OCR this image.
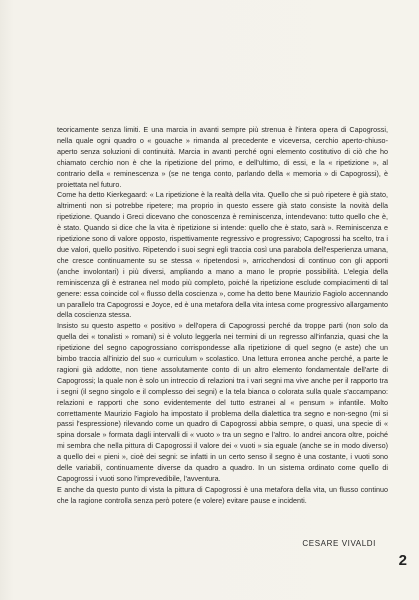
teoricamente senza limiti. E una marcia in avanti sempre più strenua è l'intera opera di Capogrossi, nella quale ogni quadro o « gouache » rimanda al precedente e viceversa, cerchio aperto-chiuso-aperto senza soluzioni di continuità. Marcia in avanti perché ogni elemento costitutivo di ciò che ho chiamato cerchio non è che la ripetizione del primo, e dell'ultimo, di essi, e la « ripetizione », al contrario della « reminescenza » (se ne tenga conto, parlando della « memoria » di Capogrossi), è proiettata nel futuro.

Come ha detto Kierkegaard: « La ripetizione è la realtà della vita. Quello che si può ripetere è già stato, altrimenti non si potrebbe ripetere; ma proprio in questo essere già stato consiste la novità della ripetizione. Quando i Greci dicevano che conoscenza è reminiscenza, intendevano: tutto quello che è, è stato. Quando si dice che la vita è ripetizione si intende: quello che è stato, sarà ». Reminiscenza e ripetizione sono di valore opposto, rispettivamente regressivo e progressivo; Capogrossi ha scelto, tra i due valori, quello positivo. Ripetendo i suoi segni egli traccia così una parabola dell'esperienza umana, che cresce continuamente su se stessa « ripetendosi », arricchendosi di continuo con gli apporti (anche involontari) i più diversi, ampliando a mano a mano le proprie possibilità. L'elegia della reminiscenza gli è estranea nel modo più completo, poiché la ripetizione esclude compiacimenti di tal genere: essa coincide col « flusso della coscienza », come ha detto bene Maurizio Fagiolo accennando un parallelo tra Capogrossi e Joyce, ed è una metafora della vita intesa come progressivo allargamento della coscienza stessa.

Insisto su questo aspetto « positivo » dell'opera di Capogrossi perché da troppe parti (non solo da quella dei « tonalisti » romani) si è voluto leggerla nei termini di un regresso all'infanzia, quasi che la ripetizione del segno capogrossiano corrispondesse alla ripetizione di quel segno (e aste) che un bimbo traccia all'inizio del suo « curriculum » scolastico. Una lettura erronea anche perché, a parte le ragioni già addotte, non tiene assolutamente conto di un altro elemento fondamentale dell'arte di Capogrossi; la quale non è solo un intreccio di relazioni tra i vari segni ma vive anche per il rapporto tra i segni (il segno singolo e il complesso dei segni) e la tela bianca o colorata sulla quale s'accampano: relazioni e rapporti che sono evidentemente del tutto estranei al « pensum » infantile. Molto correttamente Maurizio Fagiolo ha impostato il problema della dialettica tra segno e non-segno (mi si passi l'espressione) rilevando come un quadro di Capogrossi abbia sempre, o quasi, una specie di « spina dorsale » formata dagli intervalli di « vuoto » tra un segno e l'altro. Io andrei ancora oltre, poiché mi sembra che nella pittura di Capogrossi il valore dei « vuoti » sia eguale (anche se in modo diverso) a quello dei « pieni », cioè dei segni: se infatti in un certo senso il segno è una costante, i vuoti sono delle variabili, continuamente diverse da quadro a quadro. In un sistema ordinato come quello di Capogrossi i vuoti sono l'imprevedibile, l'avventura.

E anche da questo punto di vista la pittura di Capogrossi è una metafora della vita, un flusso continuo che la ragione controlla senza però potere (e volere) evitare pause e incidenti.

CESARE VIVALDI
2
